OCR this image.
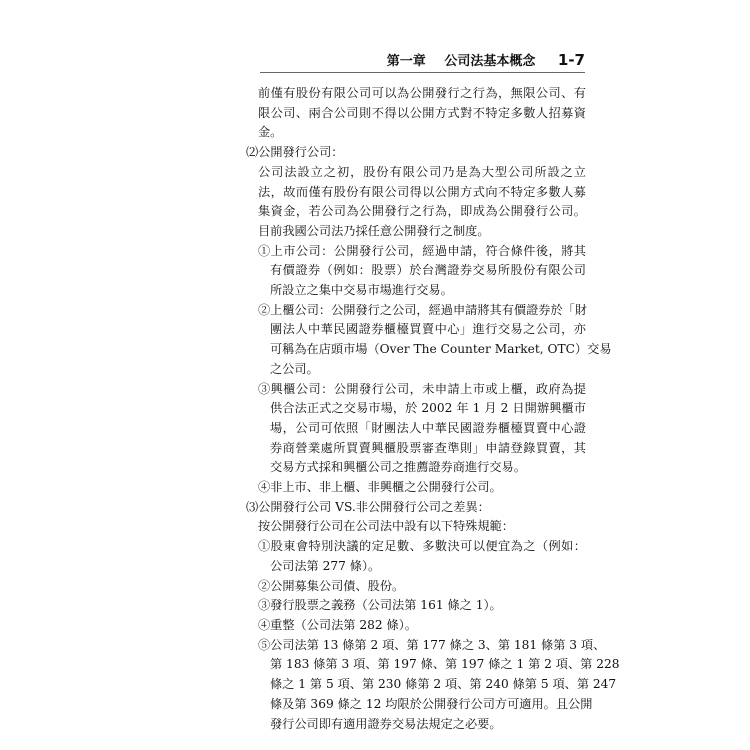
第一章 公司法基本概念 1-7
前僅有股份有限公司可以為公開發行之行為，無限公司、有
限公司、兩合公司則不得以公開方式對不特定多數人招募資
金。
⑵公開發行公司：
公司法設立之初，股份有限公司乃是為大型公司所設之立
法，故而僅有股份有限公司得以公開方式向不特定多數人募
集資金，若公司為公開發行之行為，即成為公開發行公司。
目前我國公司法乃採任意公開發行之制度。
①上市公司：公開發行公司，經過申請，符合條件後，將其
有價證券（例如：股票）於台灣證券交易所股份有限公司
所設立之集中交易市場進行交易。
②上櫃公司：公開發行之公司，經過申請將其有價證券於「財
團法人中華民國證券櫃檯買賣中心」進行交易之公司，亦
可稱為在店頭市場（Over The Counter Market, OTC）交易
之公司。
③興櫃公司：公開發行公司，未申請上市或上櫃，政府為提
供合法正式之交易市場，於 2002 年 1 月 2 日開辦興櫃市
場，公司可依照「財團法人中華民國證券櫃檯買賣中心證
券商營業處所買賣興櫃股票審查準則」申請登錄買賣，其
交易方式採和興櫃公司之推薦證券商進行交易。
④非上市、非上櫃、非興櫃之公開發行公司。
⑶公開發行公司 VS.非公開發行公司之差異：
按公開發行公司在公司法中設有以下特殊規範：
①股東會特別決議的定足數、多數決可以便宜為之（例如：
公司法第 277 條）。
②公開募集公司債、股份。
③發行股票之義務（公司法第 161 條之 1）。
④重整（公司法第 282 條）。
⑤公司法第 13 條第 2 項、第 177 條之 3、第 181 條第 3 項、
第 183 條第 3 項、第 197 條、第 197 條之 1 第 2 項、第 228
條之 1 第 5 項、第 230 條第 2 項、第 240 條第 5 項、第 247
條及第 369 條之 12 均限於公開發行公司方可適用。且公開
發行公司即有適用證券交易法規定之必要。
